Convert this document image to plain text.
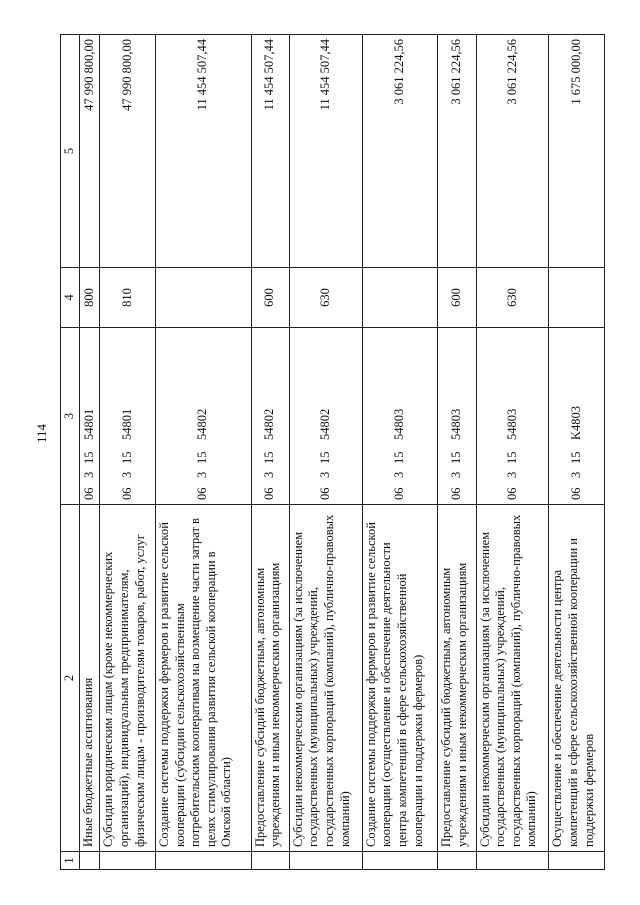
114
1	2	3	4	5
	Иные бюджетные ассигнования	0631554801	800	47 990 800,00
	Субсидии юридическим лицам (кроме некоммерческих организаций), индивидуальным предпринимателям, физическим лицам - производителям товаров, работ, услуг	0631554801	810	47 990 800,00
	Создание системы поддержки фермеров и развитие сельской кооперации (субсидии сельскохозяйственным потребительским кооперативам на возмещение части затрат в целях стимулирования развития сельской кооперации в Омской области)	0631554802		11 454 507,44
	Предоставление субсидий бюджетным, автономным учреждениям и иным некоммерческим организациям	0631554802	600	11 454 507,44
	Субсидии некоммерческим организациям (за исключением государственных (муниципальных) учреждений, государственных корпораций (компаний), публично-правовых компаний)	0631554802	630	11 454 507,44
	Создание системы поддержки фермеров и развитие сельской кооперации (осуществление и обеспечение деятельности центра компетенций в сфере сельскохозяйственной кооперации и поддержки фермеров)	0631554803		3 061 224,56
	Предоставление субсидий бюджетным, автономным учреждениям и иным некоммерческим организациям	0631554803	600	3 061 224,56
	Субсидии некоммерческим организациям (за исключением государственных (муниципальных) учреждений, государственных корпораций (компаний), публично-правовых компаний)	0631554803	630	3 061 224,56
	Осуществление и обеспечение деятельности центра компетенций в сфере сельскохозяйственной кооперации и поддержки фермеров	06315K4803		1 675 000,00
